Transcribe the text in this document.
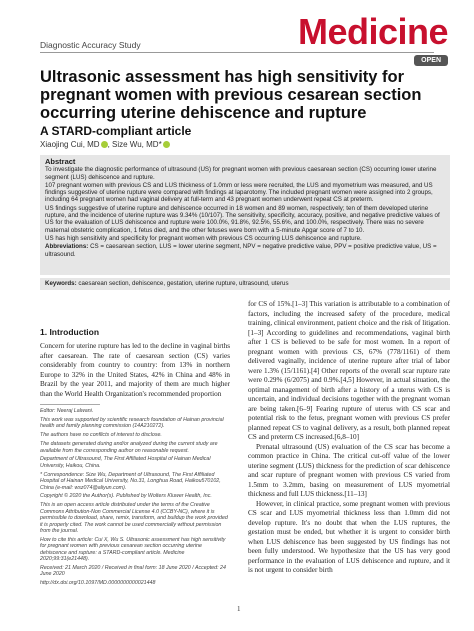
Diagnostic Accuracy Study	Medicine
OPEN
Ultrasonic assessment has high sensitivity for pregnant women with previous cesarean section occurring uterine dehiscence and rupture
A STARD-compliant article
Xiaojing Cui, MD , Size Wu, MD*
Abstract

To investigate the diagnostic performance of ultrasound (US) for pregnant women with previous caesarean section (CS) occurring lower uterine segment (LUS) dehiscence and rupture.

107 pregnant women with previous CS and LUS thickness of 1.0mm or less were recruited, the LUS and myometrium was measured, and US findings suggestive of uterine rupture were compared with findings at laparotomy. The included pregnant women were assigned into 2 groups, including 64 pregnant women had vaginal delivery at full-term and 43 pregnant women underwent repeat CS at preterm.

US findings suggestive of uterine rupture and dehiscence occurred in 18 women and 89 women, respectively; ten of them developed uterine rupture, and the incidence of uterine rupture was 9.34% (10/107). The sensitivity, specificity, accuracy, positive, and negative predictive values of US for the evaluation of LUS dehiscence and rupture were 100.0%, 91.8%, 92.5%, 55.6%, and 100.0%, respectively. There was no severe maternal obstetric complication, 1 fetus died, and the other fetuses were born with a 5-minute Apgar score of 7 to 10.

US has high sensitivity and specificity for pregnant women with previous CS occurring LUS dehiscence and rupture.

Abbreviations: CS = caesarean section, LUS = lower uterine segment, NPV = negative predictive value, PPV = positive predictive value, US = ultrasound.

Keywords: caesarean section, dehiscence, gestation, uterine rupture, ultrasound, uterus
1. Introduction
Concern for uterine rupture has led to the decline in vaginal births after caesarean. The rate of caesarean section (CS) varies considerably from country to country: from 13% in northern Europe to 32% in the United States, 42% in China and 48% in Brazil by the year 2011, and majority of them are much higher than the World Health Organization's recommended proportion

Editor: Neeraj Lalwani.

This work was supported by scientific research foundation of Hainan provincial health and family planning commission (14A210272).

The authors have no conflicts of interest to disclose.

The datasets generated during and/or analyzed during the current study are available from the corresponding author on reasonable request.

Department of Ultrasound, The First Affiliated Hospital of Hainan Medical University, Haikou, China.

* Correspondence: Size Wu, Department of Ultrasound, The First Affiliated Hospital of Hainan Medical University, No.31, Longhua Road, Haikou570102, China (e-mail: wsz074@aliyun.com).

Copyright © 2020 the Author(s). Published by Wolters Kluwer Health, Inc.

This is an open access article distributed under the terms of the Creative Commons Attribution-Non Commercial License 4.0 (CCBY-NC), where it is permissible to download, share, remix, transform, and buildup the work provided it is properly cited. The work cannot be used commercially without permission from the journal.

How to cite this article: Cui X, Wu S. Ultrasonic assessment has high sensitivity for pregnant women with previous cesarean section occurring uterine dehiscence and rupture: a STARD-compliant article. Medicine 2020;99:31(e21448).

Received: 21 March 2020 / Received in final form: 18 June 2020 / Accepted: 24 June 2020

http://dx.doi.org/10.1097/MD.0000000000021448

for CS of 15%.[1–3] This variation is attributable to a combination of factors, including the increased safety of the procedure, medical training, clinical environment, patient choice and the risk of litigation.[1–3] According to guidelines and recommendations, vaginal birth after 1 CS is believed to be safe for most women. In a report of pregnant women with previous CS, 67% (778/1161) of them delivered vaginally, incidence of uterine rupture after trial of labor were 1.3% (15/1161).[4] Other reports of the overall scar rupture rate were 0.29% (6/2075) and 0.9%.[4,5] However, in actual situation, the optimal management of birth after a history of a uterus with CS is uncertain, and individual decisions together with the pregnant woman are being taken.[6–9] Fearing rupture of uterus with CS scar and potential risk to the fetus, pregnant women with previous CS prefer planned repeat CS to vaginal delivery, as a result, both planned repeat CS and preterm CS increased.[6,8–10]

Prenatal ultrasound (US) evaluation of the CS scar has become a common practice in China. The critical cut-off value of the lower uterine segment (LUS) thickness for the prediction of scar dehiscence and scar rupture of pregnant women with previous CS varied from 1.5mm to 3.2mm, basing on measurement of LUS myometrial thickness and full LUS thickness.[11–13]

However, in clinical practice, some pregnant women with previous CS scar and LUS myometrial thickness less than 1.0mm did not develop rupture. It's no doubt that when the LUS ruptures, the gestation must be ended, but whether it is urgent to consider birth when LUS dehiscence has been suggested by US findings has not been fully understood. We hypothesize that the US has very good performance in the evaluation of LUS dehiscence and rupture, and it is not urgent to consider birth

1
